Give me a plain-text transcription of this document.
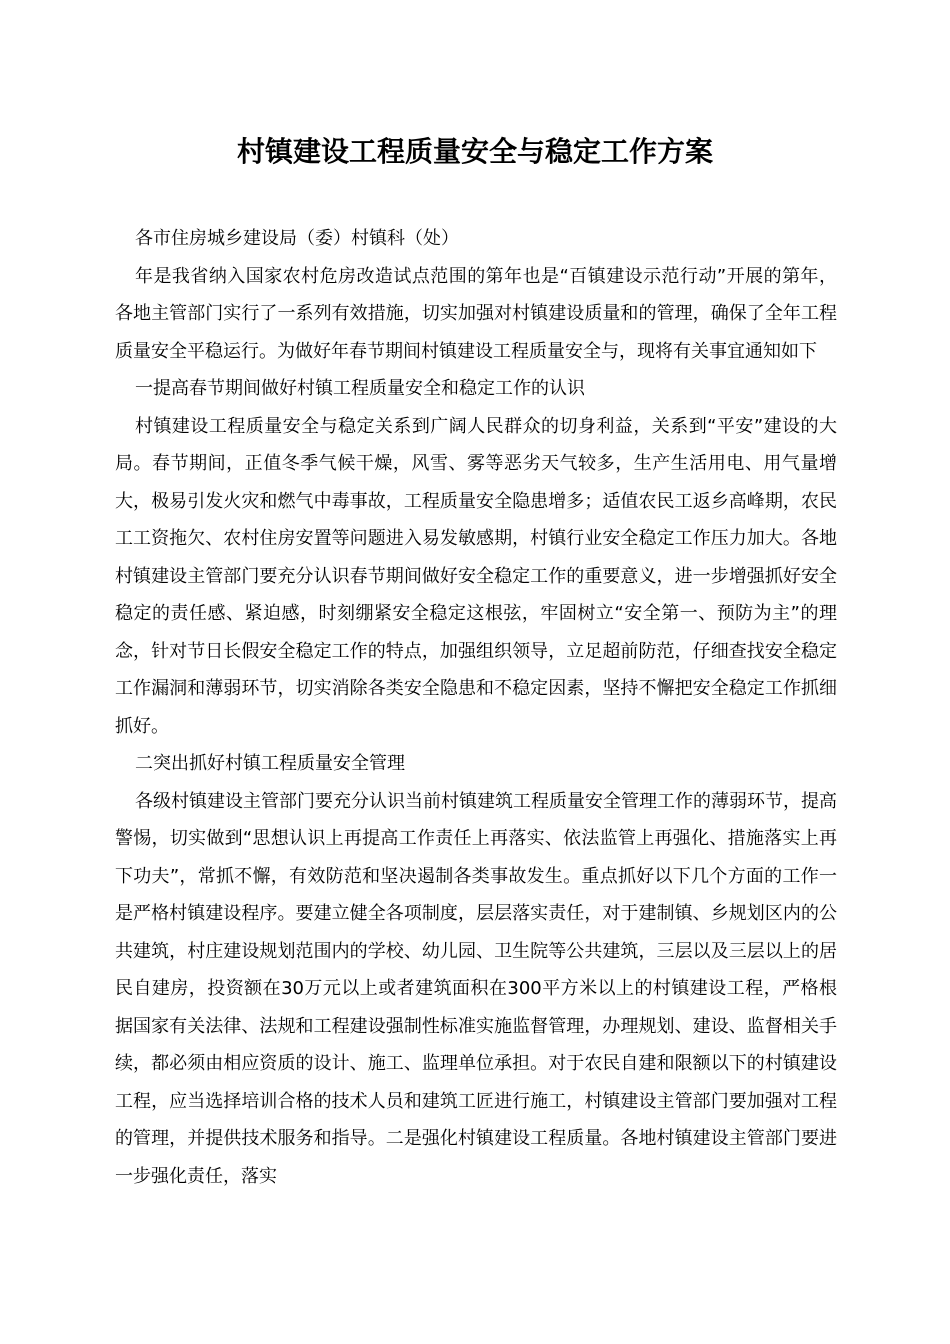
村镇建设工程质量安全与稳定工作方案

各市住房城乡建设局（委）村镇科（处）

年是我省纳入国家农村危房改造试点范围的第年也是“百镇建设示范行动”开展的第年，各地主管部门实行了一系列有效措施，切实加强对村镇建设质量和的管理，确保了全年工程质量安全平稳运行。为做好年春节期间村镇建设工程质量安全与，现将有关事宜通知如下

一提高春节期间做好村镇工程质量安全和稳定工作的认识

村镇建设工程质量安全与稳定关系到广阔人民群众的切身利益，关系到“平安”建设的大局。春节期间，正值冬季气候干燥，风雪、雾等恶劣天气较多，生产生活用电、用气量增大，极易引发火灾和燃气中毒事故，工程质量安全隐患增多；适值农民工返乡高峰期，农民工工资拖欠、农村住房安置等问题进入易发敏感期，村镇行业安全稳定工作压力加大。各地村镇建设主管部门要充分认识春节期间做好安全稳定工作的重要意义，进一步增强抓好安全稳定的责任感、紧迫感，时刻绷紧安全稳定这根弦，牢固树立“安全第一、预防为主”的理念，针对节日长假安全稳定工作的特点，加强组织领导，立足超前防范，仔细查找安全稳定工作漏洞和薄弱环节，切实消除各类安全隐患和不稳定因素，坚持不懈把安全稳定工作抓细抓好。

二突出抓好村镇工程质量安全管理

各级村镇建设主管部门要充分认识当前村镇建筑工程质量安全管理工作的薄弱环节，提高警惕，切实做到“思想认识上再提高工作责任上再落实、依法监管上再强化、措施落实上再下功夫”，常抓不懈，有效防范和坚决遏制各类事故发生。重点抓好以下几个方面的工作一是严格村镇建设程序。要建立健全各项制度，层层落实责任，对于建制镇、乡规划区内的公共建筑，村庄建设规划范围内的学校、幼儿园、卫生院等公共建筑，三层以及三层以上的居民自建房，投资额在30万元以上或者建筑面积在300平方米以上的村镇建设工程，严格根据国家有关法律、法规和工程建设强制性标准实施监督管理，办理规划、建设、监督相关手续，都必须由相应资质的设计、施工、监理单位承担。对于农民自建和限额以下的村镇建设工程，应当选择培训合格的技术人员和建筑工匠进行施工，村镇建设主管部门要加强对工程的管理，并提供技术服务和指导。二是强化村镇建设工程质量。各地村镇建设主管部门要进一步强化责任，落实
